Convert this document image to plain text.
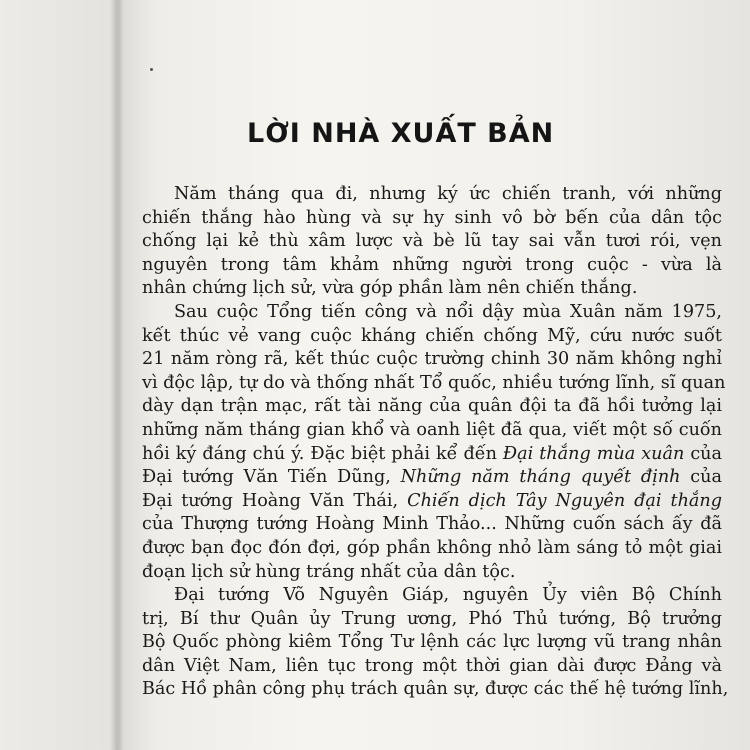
LỜI NHÀ XUẤT BẢN

Năm tháng qua đi, nhưng ký ức chiến tranh, với những
chiến thắng hào hùng và sự hy sinh vô bờ bến của dân tộc
chống lại kẻ thù xâm lược và bè lũ tay sai vẫn tươi rói, vẹn
nguyên trong tâm khảm những người trong cuộc - vừa là
nhân chứng lịch sử, vừa góp phần làm nên chiến thắng.

Sau cuộc Tổng tiến công và nổi dậy mùa Xuân năm 1975,
kết thúc vẻ vang cuộc kháng chiến chống Mỹ, cứu nước suốt
21 năm ròng rã, kết thúc cuộc trường chinh 30 năm không nghỉ
vì độc lập, tự do và thống nhất Tổ quốc, nhiều tướng lĩnh, sĩ quan
dày dạn trận mạc, rất tài năng của quân đội ta đã hồi tưởng lại
những năm tháng gian khổ và oanh liệt đã qua, viết một số cuốn
hồi ký đáng chú ý. Đặc biệt phải kể đến Đại thắng mùa xuân của
Đại tướng Văn Tiến Dũng, Những năm tháng quyết định của
Đại tướng Hoàng Văn Thái, Chiến dịch Tây Nguyên đại thắng
của Thượng tướng Hoàng Minh Thảo... Những cuốn sách ấy đã
được bạn đọc đón đợi, góp phần không nhỏ làm sáng tỏ một giai
đoạn lịch sử hùng tráng nhất của dân tộc.

Đại tướng Võ Nguyên Giáp, nguyên Ủy viên Bộ Chính
trị, Bí thư Quân ủy Trung ương, Phó Thủ tướng, Bộ trưởng
Bộ Quốc phòng kiêm Tổng Tư lệnh các lực lượng vũ trang nhân
dân Việt Nam, liên tục trong một thời gian dài được Đảng và
Bác Hồ phân công phụ trách quân sự, được các thế hệ tướng lĩnh,
